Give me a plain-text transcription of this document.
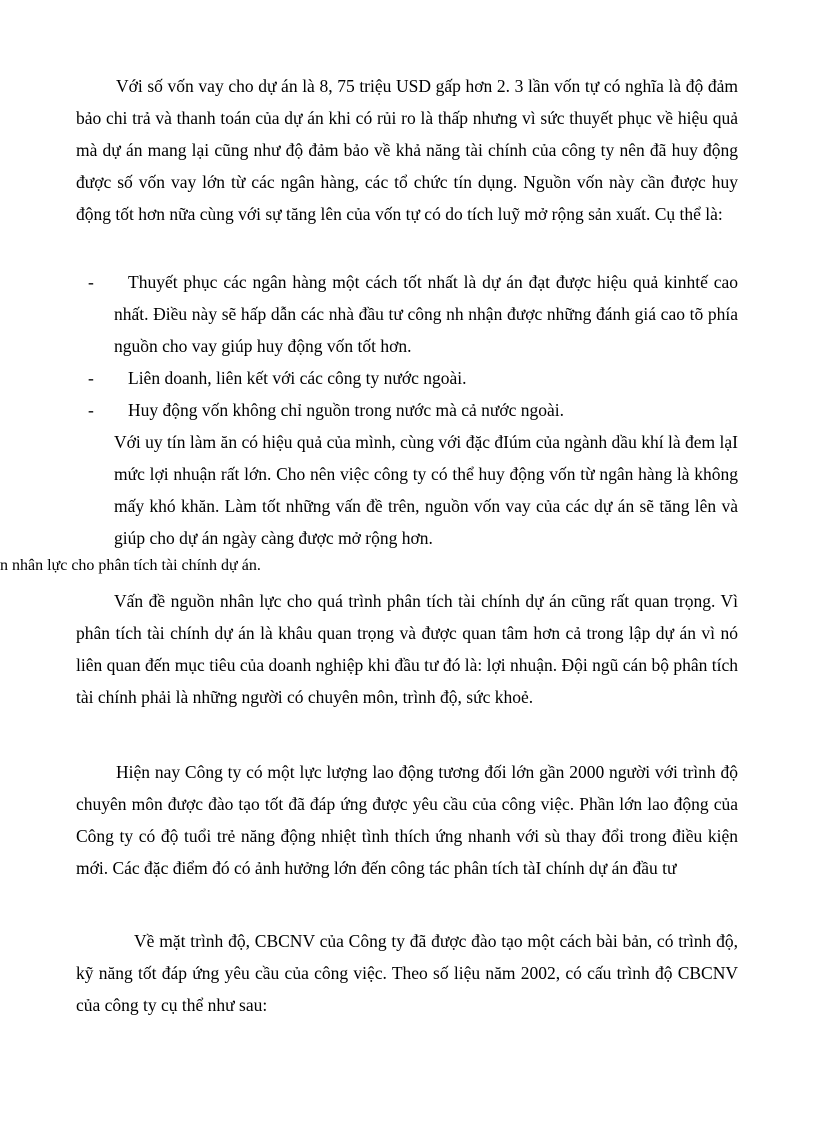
Với số vốn vay cho dự án là 8, 75 triệu USD gấp hơn 2. 3 lần vốn tự có nghĩa là độ đảm bảo chi trả và thanh toán của dự án khi có rủi ro là thấp nhưng vì sức thuyết phục về hiệu quả mà dự án mang lại cũng như độ đảm bảo về khả năng tài chính của công ty nên đã huy động được số vốn vay lớn từ các ngân hàng, các tổ chức tín dụng. Nguồn vốn này cần được huy động tốt hơn nữa cùng với sự tăng lên của vốn tự có do tích luỹ mở rộng sản xuất. Cụ thể là:

-	Thuyết phục các ngân hàng một cách tốt nhất là dự án đạt được hiệu quả kinhtế cao nhất. Điều này sẽ hấp dẫn các nhà đầu tư công nh nhận được những đánh giá cao tõ phía nguồn cho vay giúp huy động vốn tốt hơn.
-	Liên doanh, liên kết với các công ty nước ngoài.
-	Huy động vốn không chỉ nguồn trong nước mà cả nước ngoài.

Với uy tín làm ăn có hiệu quả của mình, cùng với đặc đIúm của ngành dầu khí là đem lạI mức lợi nhuận rất lớn. Cho nên việc công ty có thể huy động vốn từ ngân hàng là không mấy khó khăn. Làm tốt những vấn đề trên, nguồn vốn vay của các dự án sẽ tăng lên và giúp cho dự án ngày càng được mở rộng hơn.

n nhân lực cho phân tích tài chính dự án.

Vấn đề nguồn nhân lực cho quá trình phân tích tài chính dự án cũng rất quan trọng. Vì phân tích tài chính dự án là khâu quan trọng và được quan tâm hơn cả trong lập dự án vì nó liên quan đến mục tiêu của doanh nghiệp khi đầu tư đó là: lợi nhuận. Đội ngũ cán bộ phân tích tài chính phải là những người có chuyên môn, trình độ, sức khoẻ.

Hiện nay Công ty có một lực lượng lao động tương đối lớn gần 2000 người với trình độ chuyên môn được đào tạo tốt đã đáp ứng được yêu cầu của công việc. Phần lớn lao động của Công ty có độ tuổi trẻ năng động nhiệt tình thích ứng nhanh với sù thay đổi trong điều kiện mới. Các đặc điểm đó có ảnh hưởng lớn đến công tác phân tích tàI chính dự án đầu tư

Về mặt trình độ, CBCNV của Công ty đã được đào tạo một cách bài bản, có trình độ, kỹ năng tốt đáp ứng yêu cầu của công việc. Theo số liệu năm 2002, có cấu trình độ CBCNV của công ty cụ thể như sau:
